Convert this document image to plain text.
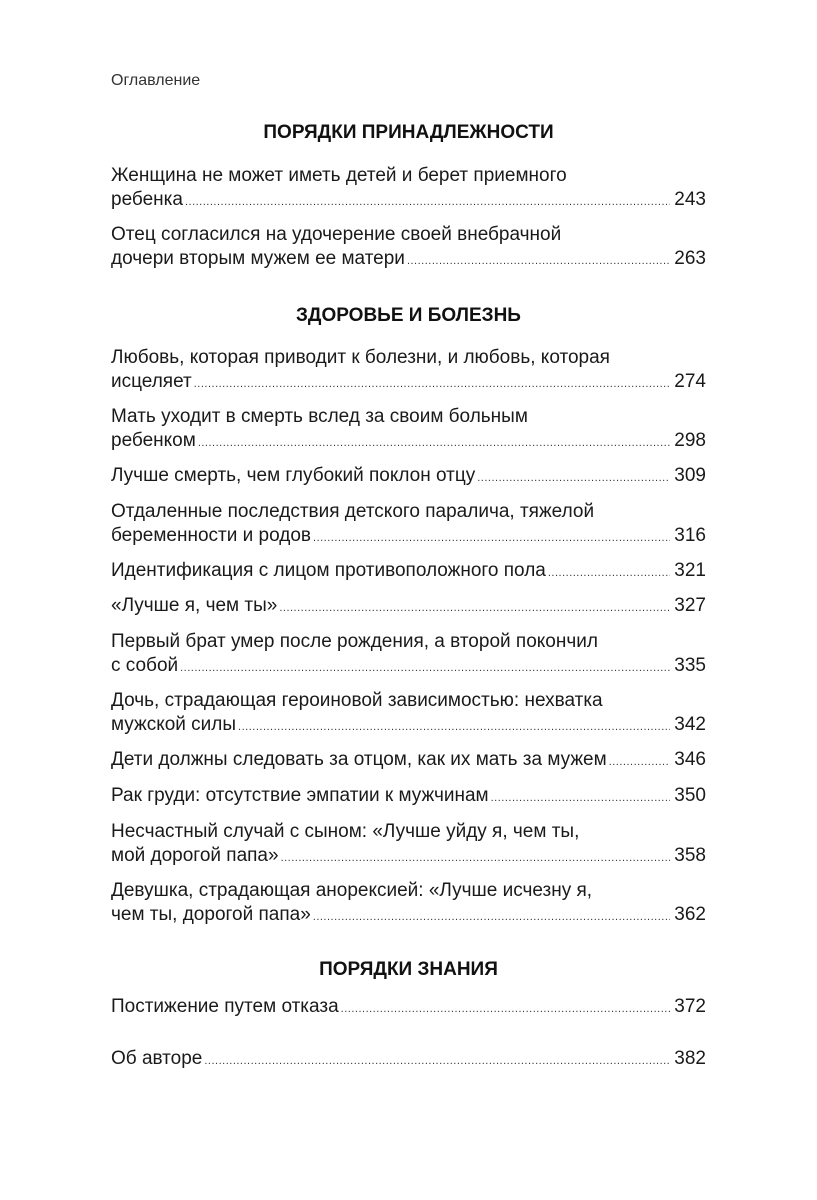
Оглавление
ПОРЯДКИ ПРИНАДЛЕЖНОСТИ
Женщина не может иметь детей и берет приемного
ребенка .....	243
Отец согласился на удочерение своей внебрачной
дочери вторым мужем ее матери .....	263
ЗДОРОВЬЕ И БОЛЕЗНЬ
Любовь, которая приводит к болезни, и любовь, которая
исцеляет .....	274
Мать уходит в смерть вслед за своим больным
ребенком .....	298
Лучше смерть, чем глубокий поклон отцу .....	309
Отдаленные последствия детского паралича, тяжелой
беременности и родов .....	316
Идентификация с лицом противоположного пола .....	321
«Лучше я, чем ты» .....	327
Первый брат умер после рождения, а второй покончил
с собой .....	335
Дочь, страдающая героиновой зависимостью: нехватка
мужской силы .....	342
Дети должны следовать за отцом, как их мать за мужем .....	346
Рак груди: отсутствие эмпатии к мужчинам .....	350
Несчастный случай с сыном: «Лучше уйду я, чем ты,
мой дорогой папа» .....	358
Девушка, страдающая анорексией: «Лучше исчезну я,
чем ты, дорогой папа» .....	362
ПОРЯДКИ ЗНАНИЯ
Постижение путем отказа .....	372
Об авторе .....	382
